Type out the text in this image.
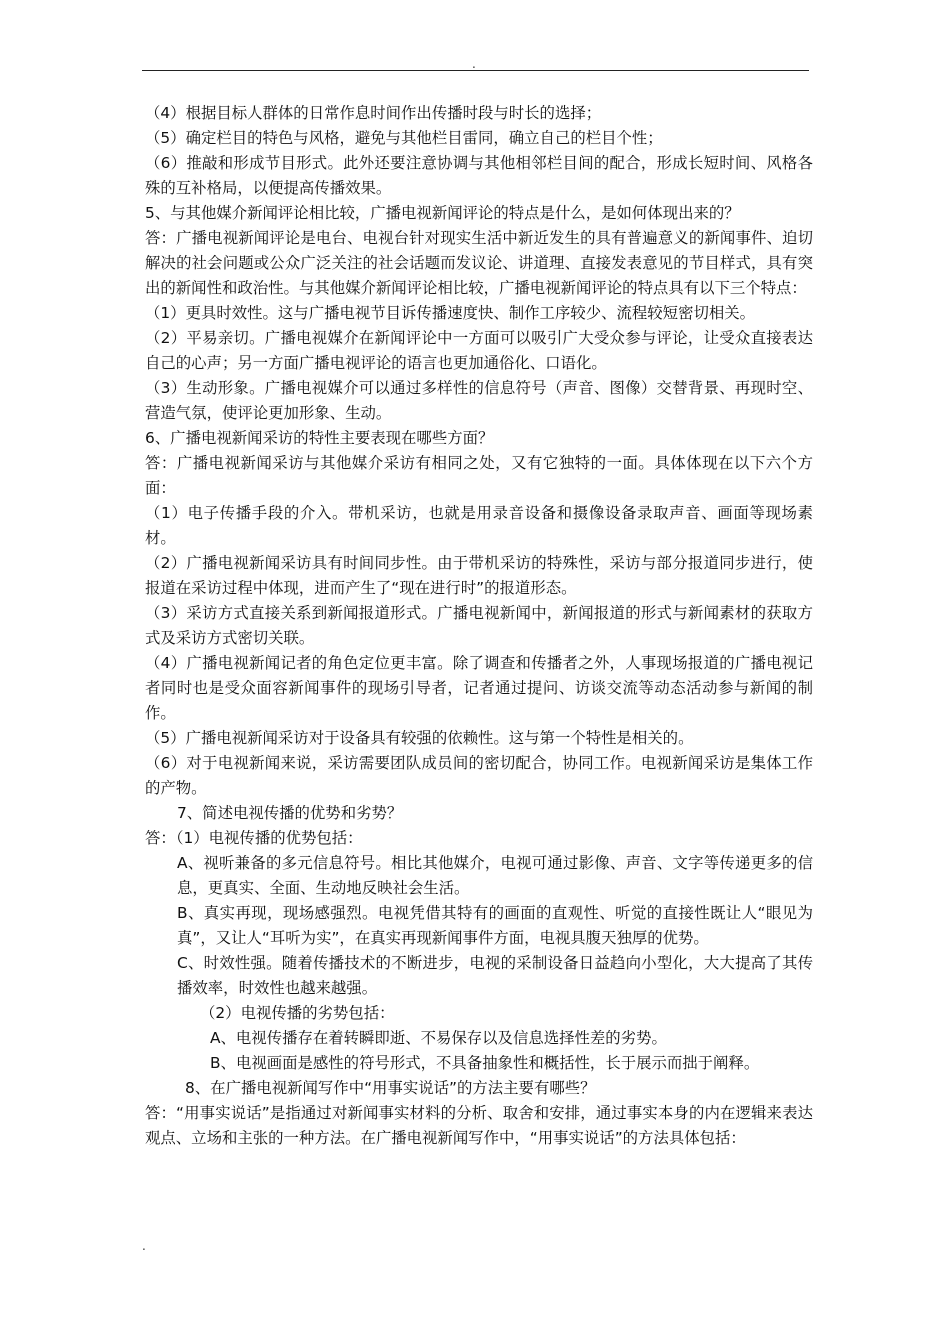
.

（4）根据目标人群体的日常作息时间作出传播时段与时长的选择；

（5）确定栏目的特色与风格，避免与其他栏目雷同，确立自己的栏目个性；

（6）推敲和形成节目形式。此外还要注意协调与其他相邻栏目间的配合，形成长短时间、风格各殊的互补格局，以便提高传播效果。

5、与其他媒介新闻评论相比较，广播电视新闻评论的特点是什么，是如何体现出来的？

答：广播电视新闻评论是电台、电视台针对现实生活中新近发生的具有普遍意义的新闻事件、迫切解决的社会问题或公众广泛关注的社会话题而发议论、讲道理、直接发表意见的节目样式，具有突出的新闻性和政治性。与其他媒介新闻评论相比较，广播电视新闻评论的特点具有以下三个特点：

（1）更具时效性。这与广播电视节目诉传播速度快、制作工序较少、流程较短密切相关。

（2）平易亲切。广播电视媒介在新闻评论中一方面可以吸引广大受众参与评论，让受众直接表达自己的心声；另一方面广播电视评论的语言也更加通俗化、口语化。

（3）生动形象。广播电视媒介可以通过多样性的信息符号（声音、图像）交替背景、再现时空、营造气氛，使评论更加形象、生动。

6、广播电视新闻采访的特性主要表现在哪些方面？

答：广播电视新闻采访与其他媒介采访有相同之处，又有它独特的一面。具体体现在以下六个方面：

（1）电子传播手段的介入。带机采访，也就是用录音设备和摄像设备录取声音、画面等现场素材。

（2）广播电视新闻采访具有时间同步性。由于带机采访的特殊性，采访与部分报道同步进行，使报道在采访过程中体现，进而产生了“现在进行时”的报道形态。

（3）采访方式直接关系到新闻报道形式。广播电视新闻中，新闻报道的形式与新闻素材的获取方式及采访方式密切关联。

（4）广播电视新闻记者的角色定位更丰富。除了调查和传播者之外，人事现场报道的广播电视记者同时也是受众面容新闻事件的现场引导者，记者通过提问、访谈交流等动态活动参与新闻的制作。

（5）广播电视新闻采访对于设备具有较强的依赖性。这与第一个特性是相关的。

（6）对于电视新闻来说，采访需要团队成员间的密切配合，协同工作。电视新闻采访是集体工作的产物。

7、简述电视传播的优势和劣势？

答：（1）电视传播的优势包括：

A、视听兼备的多元信息符号。相比其他媒介，电视可通过影像、声音、文字等传递更多的信息，更真实、全面、生动地反映社会生活。

B、真实再现，现场感强烈。电视凭借其特有的画面的直观性、听觉的直接性既让人“眼见为真”，又让人“耳听为实”，在真实再现新闻事件方面，电视具腹天独厚的优势。

C、时效性强。随着传播技术的不断进步，电视的采制设备日益趋向小型化，大大提高了其传播效率，时效性也越来越强。

（2）电视传播的劣势包括：

A、电视传播存在着转瞬即逝、不易保存以及信息选择性差的劣势。

B、电视画面是感性的符号形式，不具备抽象性和概括性，长于展示而拙于阐释。

8、在广播电视新闻写作中“用事实说话”的方法主要有哪些？

答：“用事实说话”是指通过对新闻事实材料的分析、取舍和安排，通过事实本身的内在逻辑来表达观点、立场和主张的一种方法。在广播电视新闻写作中，“用事实说话”的方法具体包括：

.
